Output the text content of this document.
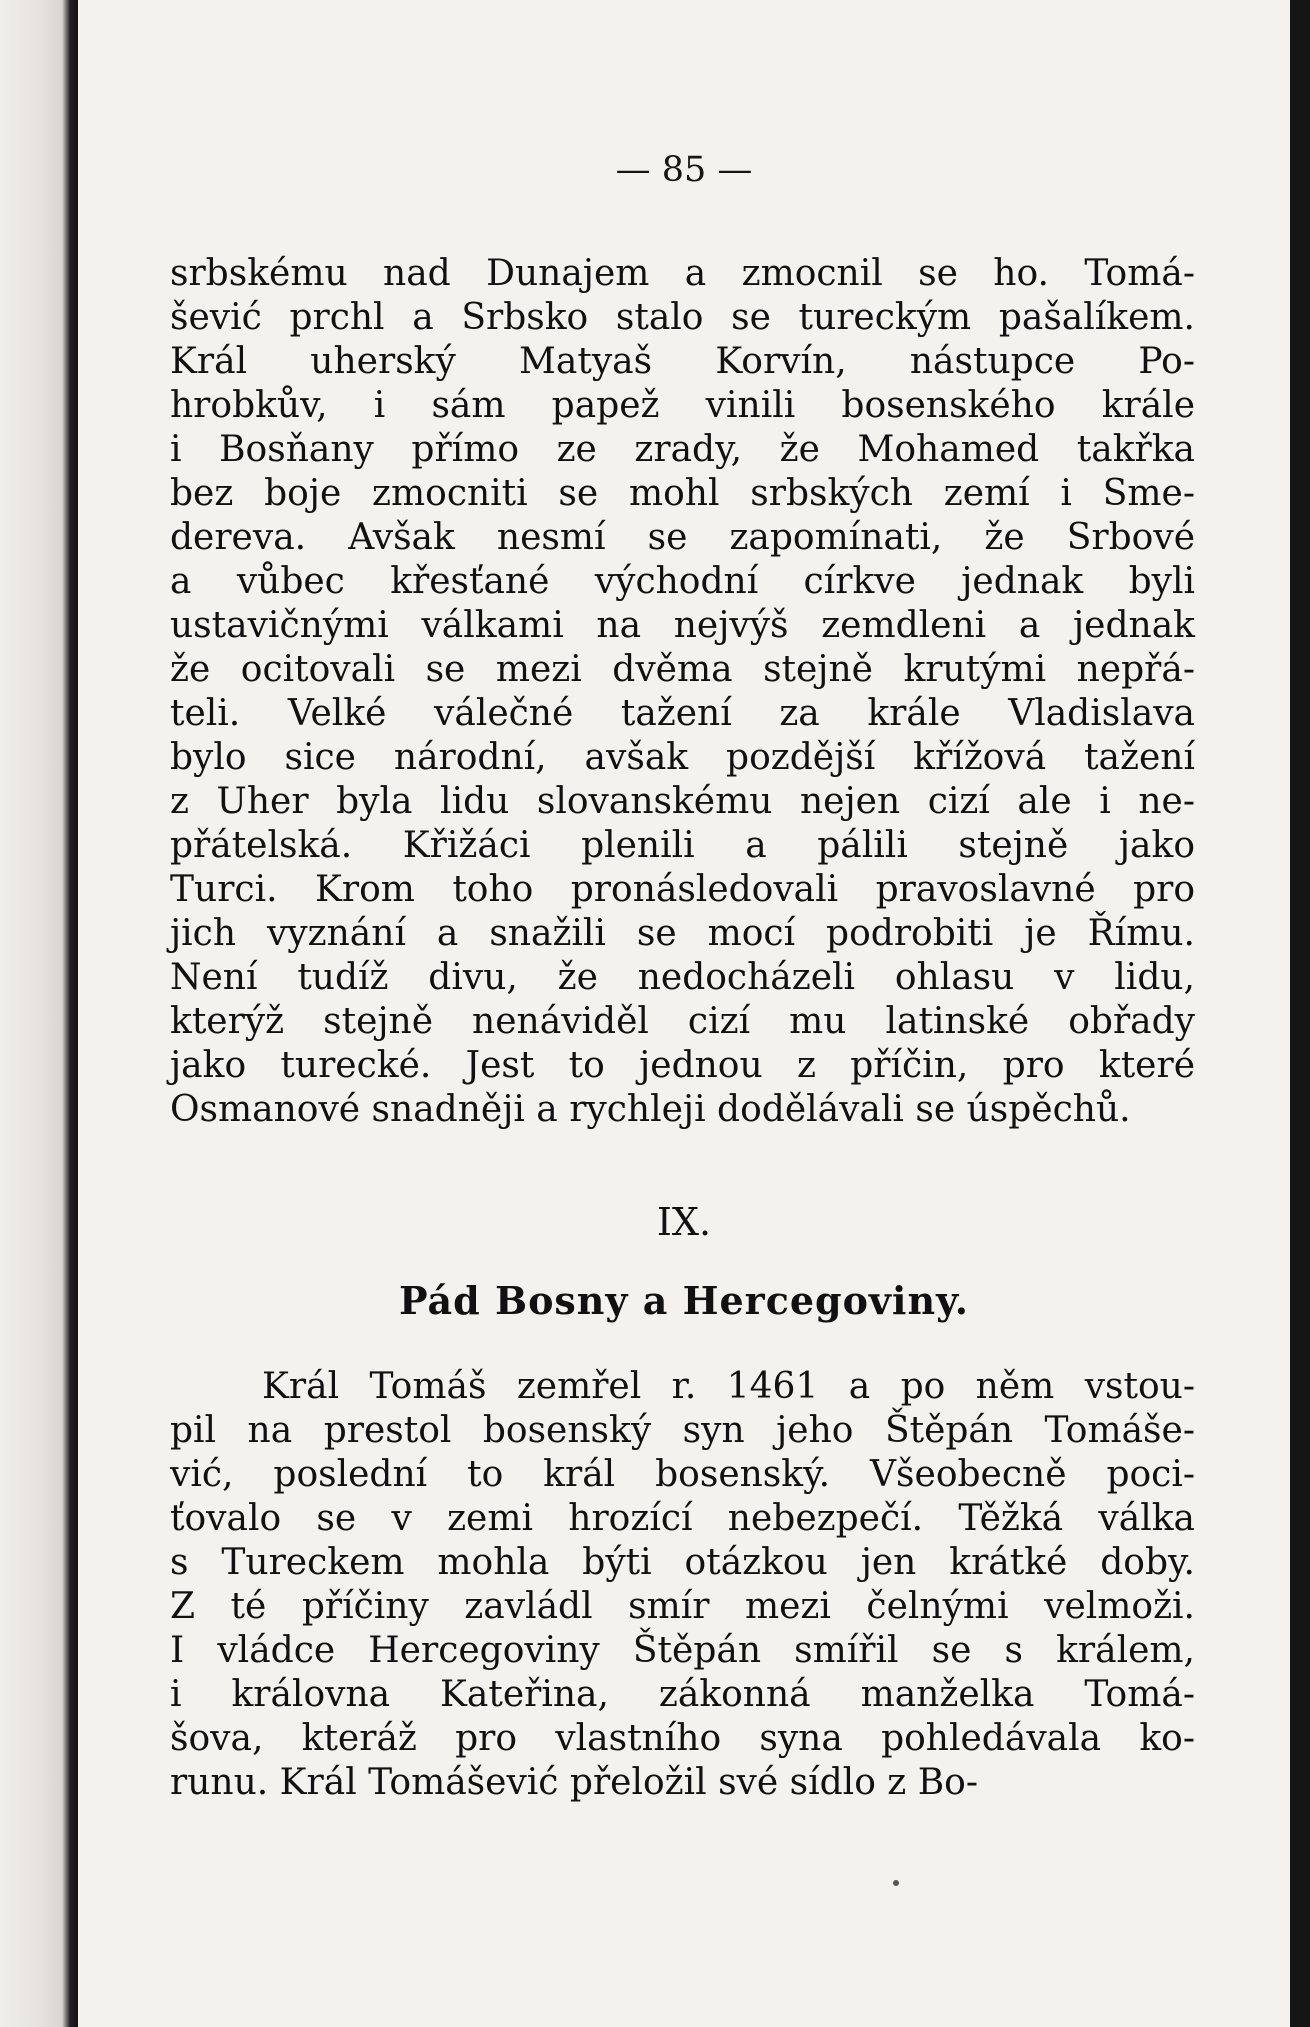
— 85 —
srbskému nad Dunajem a zmocnil se ho. Tomá-
šević prchl a Srbsko stalo se tureckým pašalíkem.
Král uherský Matyaš Korvín, nástupce Po-
hrobkův, i sám papež vinili bosenského krále
i Bosňany přímo ze zrady, že Mohamed takřka
bez boje zmocniti se mohl srbských zemí i Sme-
dereva. Avšak nesmí se zapomínati, že Srbové
a vůbec křesťané východní církve jednak byli
ustavičnými válkami na nejvýš zemdleni a jednak
že ocitovali se mezi dvěma stejně krutými nepřá-
teli. Velké válečné tažení za krále Vladislava
bylo sice národní, avšak pozdější křížová tažení
z Uher byla lidu slovanskému nejen cizí ale i ne-
přátelská. Křižáci plenili a pálili stejně jako
Turci. Krom toho pronásledovali pravoslavné pro
jich vyznání a snažili se mocí podrobiti je Římu.
Není tudíž divu, že nedocházeli ohlasu v lidu,
kterýž stejně nenáviděl cizí mu latinské obřady
jako turecké. Jest to jednou z příčin, pro které
Osmanové snadněji a rychleji dodělávali se úspěchů.
IX.
Pád Bosny a Hercegoviny.
Král Tomáš zemřel r. 1461 a po něm vstou-
pil na prestol bosenský syn jeho Štěpán Tomáše-
vić, poslední to král bosenský. Všeobecně poci-
ťovalo se v zemi hrozící nebezpečí. Těžká válka
s Tureckem mohla býti otázkou jen krátké doby.
Z té příčiny zavládl smír mezi čelnými velmoži.
I vládce Hercegoviny Štěpán smířil se s králem,
i královna Kateřina, zákonná manželka Tomá-
šova, kteráž pro vlastního syna pohledávala ko-
runu. Král Tomášević přeložil své sídlo z Bo-
